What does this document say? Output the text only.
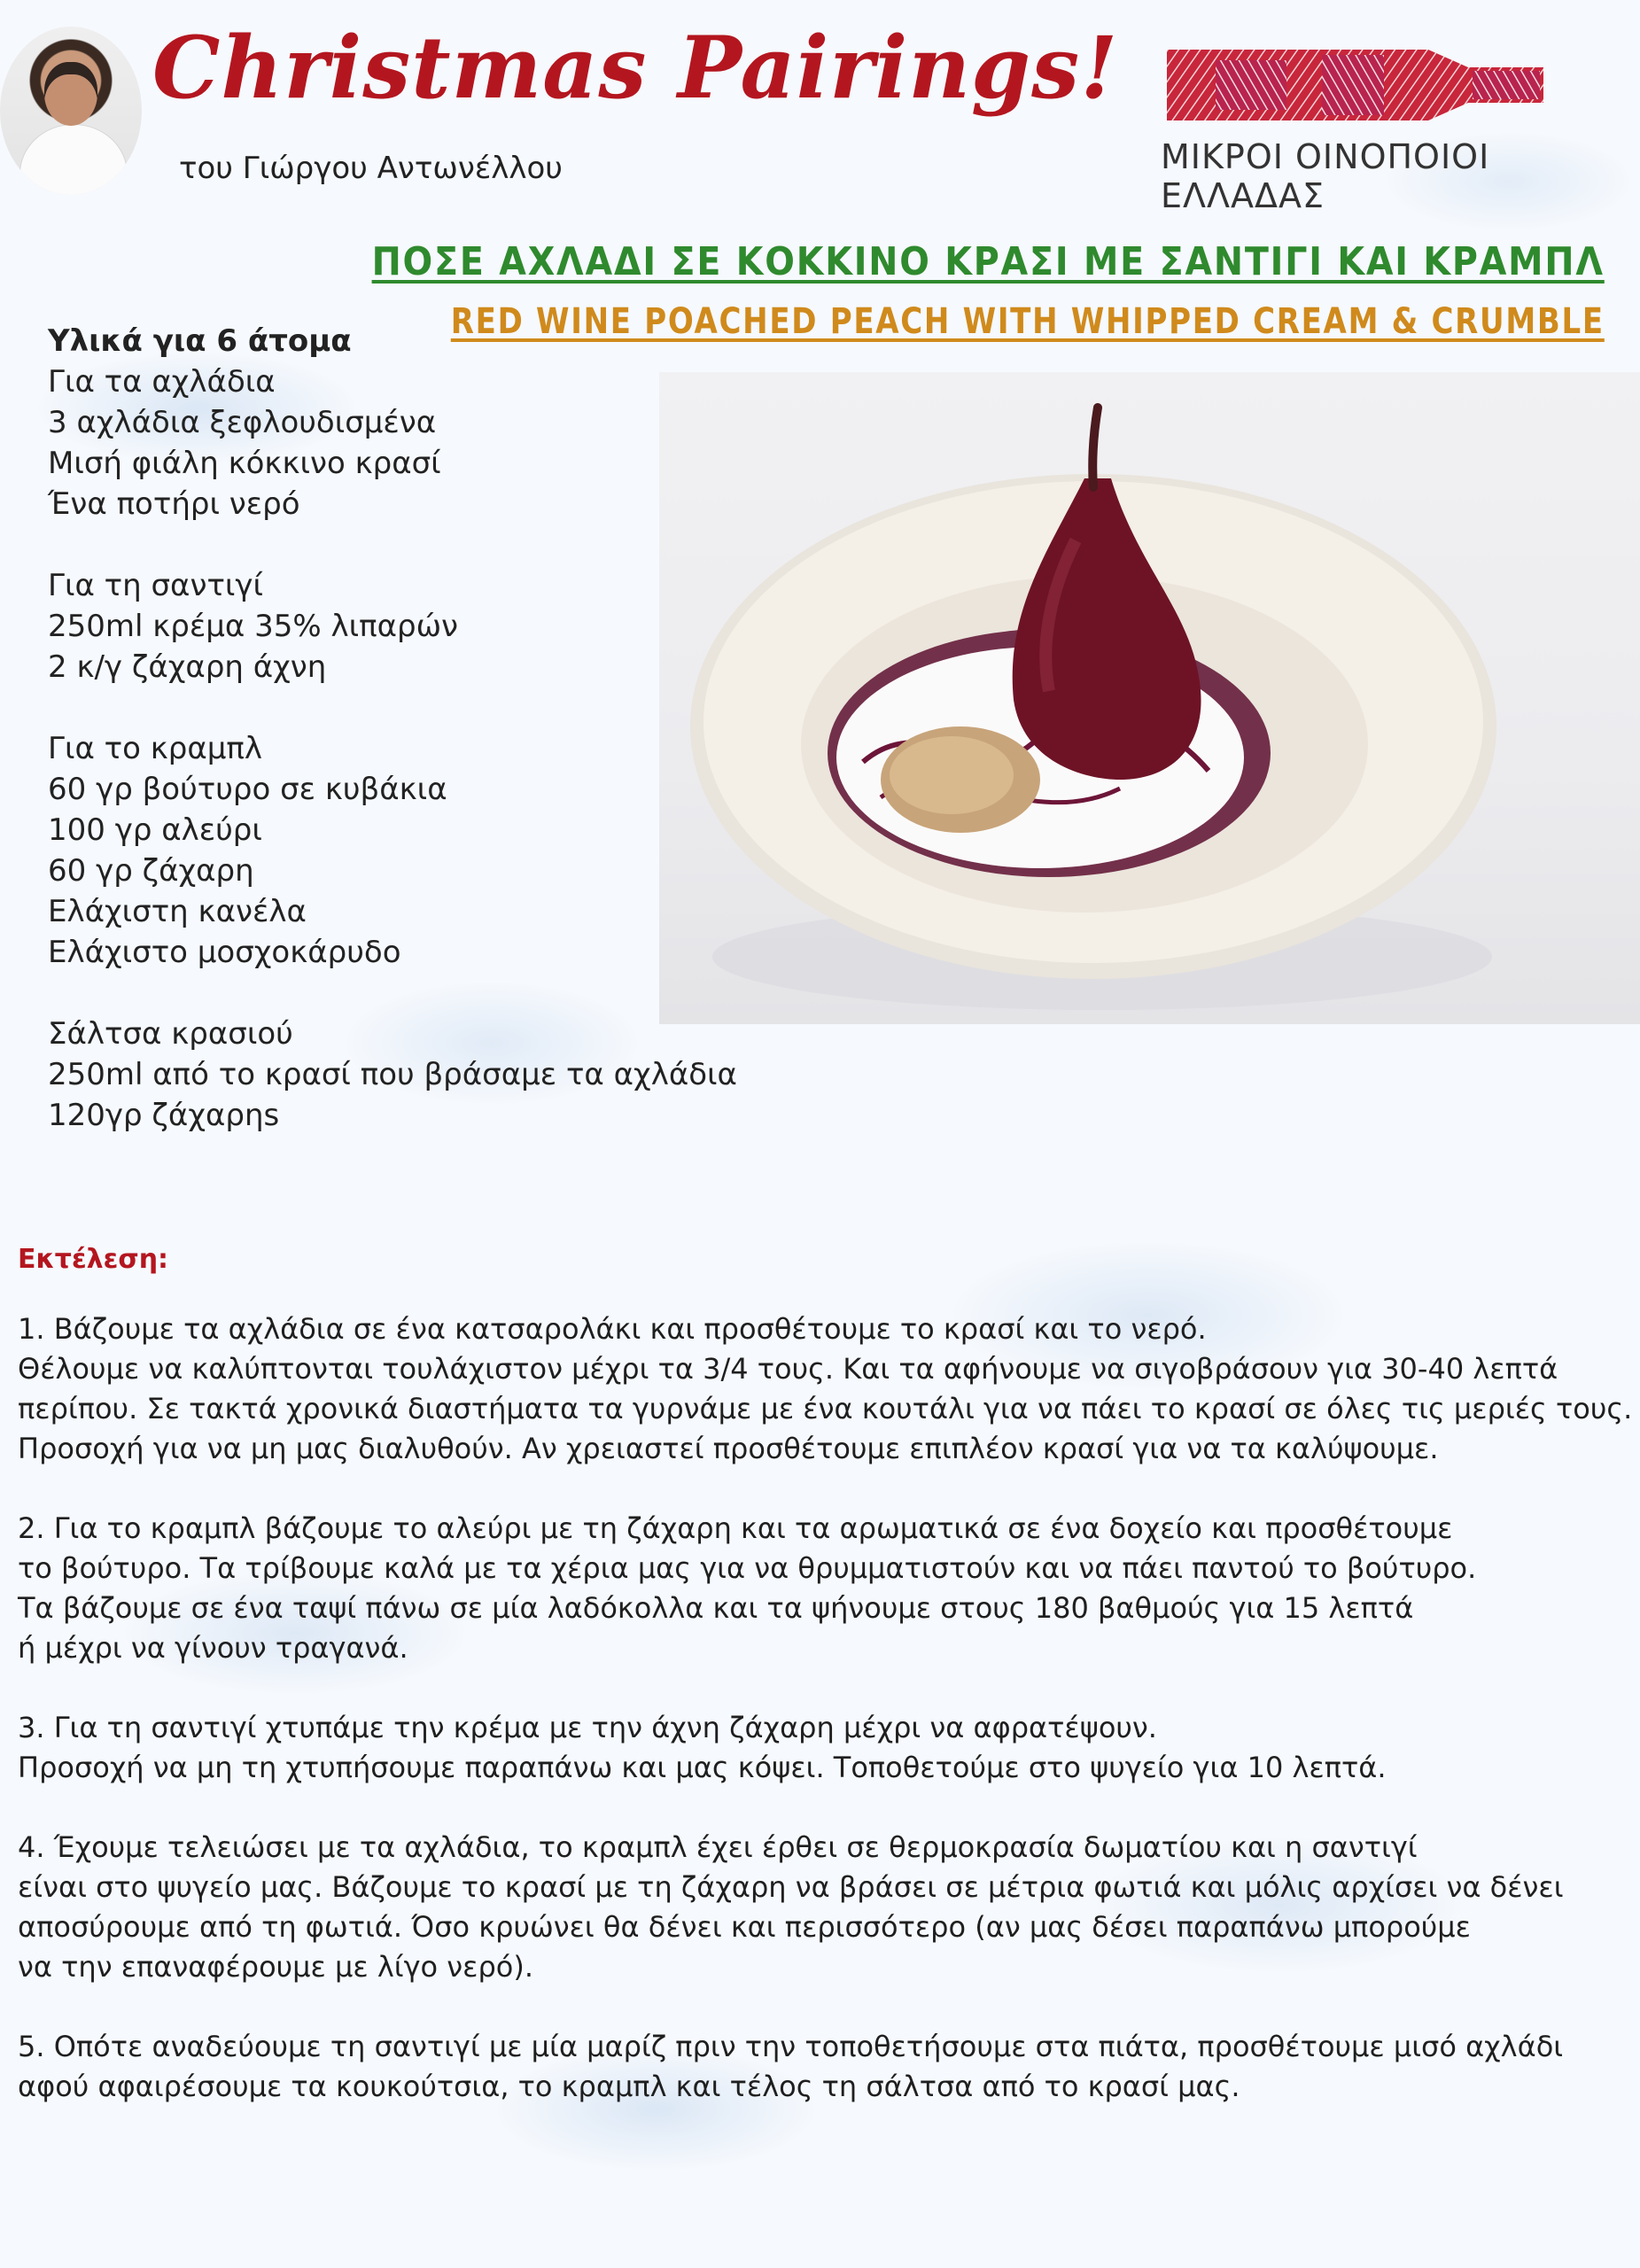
Christmas Pairings!
του Γιώργου Αντωνέλλου	ΜΙΚΡΟΙ ΟΙΝΟΠΟΙΟΙ ΕΛΛΑΔΑΣ
ΠΟΣΕ ΑΧΛΑΔΙ ΣΕ ΚΟΚΚΙΝΟ ΚΡΑΣΙ ΜΕ ΣΑΝΤΙΓΙ ΚΑΙ ΚΡΑΜΠΛ
RED WINE POACHED PEACH WITH WHIPPED CREAM & CRUMBLE
Υλικά για 6 άτομα
Για τα αχλάδια
3 αχλάδια ξεφλουδισμένα
Μισή φιάλη κόκκινο κρασί
Ένα ποτήρι νερό
Για τη σαντιγί
250ml κρέμα 35% λιπαρών
2 κ/γ ζάχαρη άχνη
Για το κραμπλ
60 γρ βούτυρο σε κυβάκια
100 γρ αλεύρι
60 γρ ζάχαρη
Ελάχιστη κανέλα
Ελάχιστο μοσχοκάρυδο
Σάλτσα κρασιού
250ml από το κρασί που βράσαμε τα αχλάδια
120γρ ζάχαρηs
Εκτέλεση:
1. Βάζουμε τα αχλάδια σε ένα κατσαρολάκι και προσθέτουμε το κρασί και το νερό.
Θέλουμε να καλύπτονται τουλάχιστον μέχρι τα 3/4 τους. Και τα αφήνουμε να σιγοβράσουν για 30-40 λεπτά
περίπου. Σε τακτά χρονικά διαστήματα τα γυρνάμε με ένα κουτάλι για να πάει το κρασί σε όλες τις μεριές τους.
Προσοχή για να μη μας διαλυθούν. Αν χρειαστεί προσθέτουμε επιπλέον κρασί για να τα καλύψουμε.
2. Για το κραμπλ βάζουμε το αλεύρι με τη ζάχαρη και τα αρωματικά σε ένα δοχείο και προσθέτουμε
το βούτυρο. Τα τρίβουμε καλά με τα χέρια μας για να θρυμματιστούν και να πάει παντού το βούτυρο.
Τα βάζουμε σε ένα ταψί πάνω σε μία λαδόκολλα και τα ψήνουμε στους 180 βαθμούς για 15 λεπτά
ή μέχρι να γίνουν τραγανά.
3. Για τη σαντιγί χτυπάμε την κρέμα με την άχνη ζάχαρη μέχρι να αφρατέψουν.
Προσοχή να μη τη χτυπήσουμε παραπάνω και μας κόψει. Τοποθετούμε στο ψυγείο για 10 λεπτά.
4. Έχουμε τελειώσει με τα αχλάδια, το κραμπλ έχει έρθει σε θερμοκρασία δωματίου και η σαντιγί
είναι στο ψυγείο μας. Βάζουμε το κρασί με τη ζάχαρη να βράσει σε μέτρια φωτιά και μόλις αρχίσει να δένει
αποσύρουμε από τη φωτιά. Όσο κρυώνει θα δένει και περισσότερο (αν μας δέσει παραπάνω μπορούμε
να την επαναφέρουμε με λίγο νερό).
5. Οπότε αναδεύουμε τη σαντιγί με μία μαρίζ πριν την τοποθετήσουμε στα πιάτα, προσθέτουμε μισό αχλάδι
αφού αφαιρέσουμε τα κουκούτσια, το κραμπλ και τέλος τη σάλτσα από το κρασί μας.
